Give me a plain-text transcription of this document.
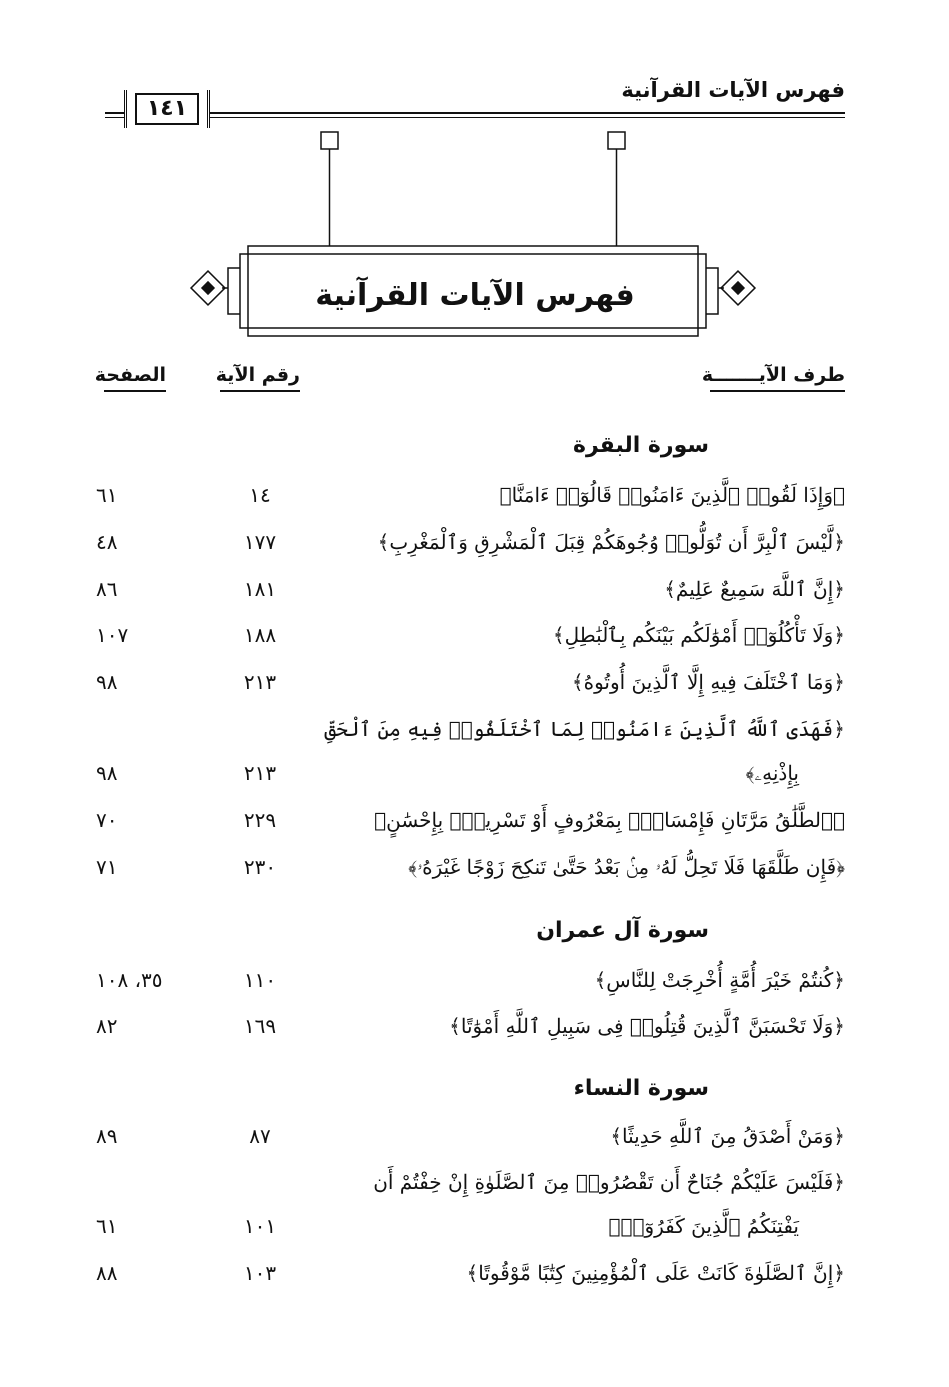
فهرس الآيات القرآنية
١٤١
فهرس الآيات القرآنية
طرف الآيـــــــة
رقم الآية
الصفحة
سورة البقرة
﴿وَإِذَا لَقُوا۟ ٱلَّذِينَ ءَامَنُوا۟ قَالُوٓا۟ ءَامَنَّا﴾
١٤
٦١
﴿لَّيْسَ ٱلْبِرَّ أَن تُوَلُّوا۟ وُجُوهَكُمْ قِبَلَ ٱلْمَشْرِقِ وَٱلْمَغْرِبِ﴾
١٧٧
٤٨
﴿إِنَّ ٱللَّهَ سَمِيعٌ عَلِيمٌ﴾
١٨١
٨٦
﴿وَلَا تَأْكُلُوٓا۟ أَمْوَٰلَكُم بَيْنَكُم بِٱلْبَٰطِلِ﴾
١٨٨
١٠٧
﴿وَمَا ٱخْتَلَفَ فِيهِ إِلَّا ٱلَّذِينَ أُوتُوهُ﴾
٢١٣
٩٨
﴿فَهَدَى ٱللَّهُ ٱلَّذِينَ ءَامَنُوا۟ لِمَا ٱخْتَلَفُوا۟ فِيهِ مِنَ ٱلْحَقِّ
بِإِذْنِهِۦ﴾
٢١٣
٩٨
﴿ٱلطَّلَٰقُ مَرَّتَانِ فَإِمْسَاكٌۢ بِمَعْرُوفٍ أَوْ تَسْرِيحٌۢ بِإِحْسَٰنٍ﴾
٢٢٩
٧٠
﴿فَإِن طَلَّقَهَا فَلَا تَحِلُّ لَهُۥ مِنۢ بَعْدُ حَتَّىٰ تَنكِحَ زَوْجًا غَيْرَهُۥ﴾
٢٣٠
٧١
سورة آل عمران
﴿كُنتُمْ خَيْرَ أُمَّةٍ أُخْرِجَتْ لِلنَّاسِ﴾
١١٠
٣٥، ١٠٨
﴿وَلَا تَحْسَبَنَّ ٱلَّذِينَ قُتِلُوا۟ فِى سَبِيلِ ٱللَّهِ أَمْوَٰتًا﴾
١٦٩
٨٢
سورة النساء
﴿وَمَنْ أَصْدَقُ مِنَ ٱللَّهِ حَدِيثًا﴾
٨٧
٨٩
﴿فَلَيْسَ عَلَيْكُمْ جُنَاحٌ أَن تَقْصُرُوا۟ مِنَ ٱلصَّلَوٰةِ إِنْ خِفْتُمْ أَن
يَفْتِنَكُمُ ٱلَّذِينَ كَفَرُوٓا۟﴾
١٠١
٦١
﴿إِنَّ ٱلصَّلَوٰةَ كَانَتْ عَلَى ٱلْمُؤْمِنِينَ كِتَٰبًا مَّوْقُوتًا﴾
١٠٣
٨٨
